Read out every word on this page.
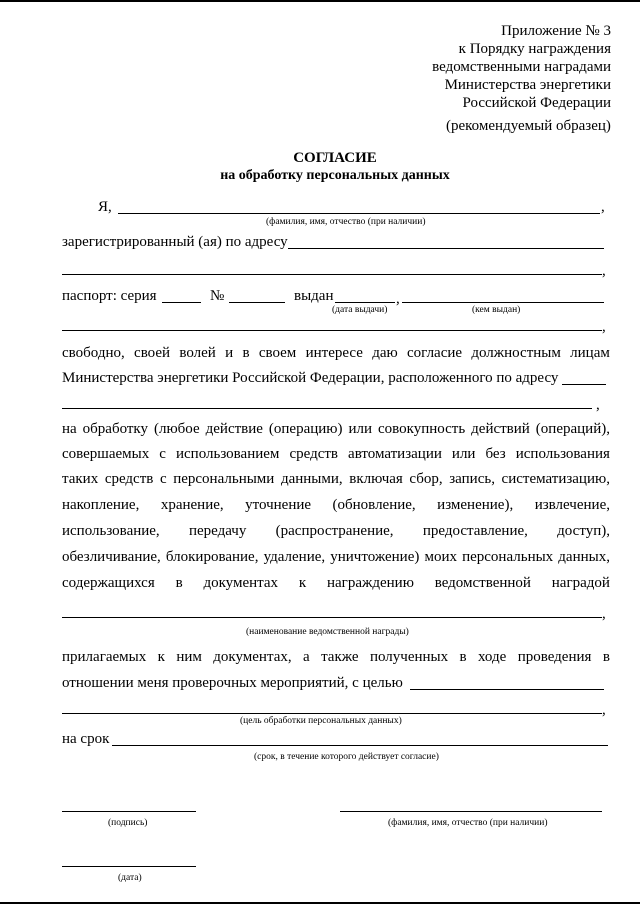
Приложение № 3
к Порядку награждения
ведомственными наградами
Министерства энергетики
Российской Федерации
(рекомендуемый образец)
СОГЛАСИЕ
на обработку персональных данных
Я,	,
(фамилия, имя, отчество (при наличии)
зарегистрированный (ая) по адресу
,
паспорт: серия	№	выдан	,
(дата выдачи)	(кем выдан)
,
свободно, своей волей и в своем интересе даю согласие должностным лицам
Министерства энергетики Российской Федерации, расположенного по адресу
,
на обработку (любое действие (операцию) или совокупность действий (операций),
совершаемых с использованием средств автоматизации или без использования
таких средств с персональными данными, включая сбор, запись, систематизацию,
накопление, хранение, уточнение (обновление, изменение), извлечение,
использование, передачу (распространение, предоставление, доступ),
обезличивание, блокирование, удаление, уничтожение) моих персональных данных,
содержащихся в документах к награждению ведомственной наградой
,
(наименование ведомственной награды)
прилагаемых к ним документах, а также полученных в ходе проведения в
отношении меня проверочных мероприятий, с целью
,
(цель обработки персональных данных)
на срок
(срок, в течение которого действует согласие)
(подпись)	(фамилия, имя, отчество (при наличии)
(дата)
